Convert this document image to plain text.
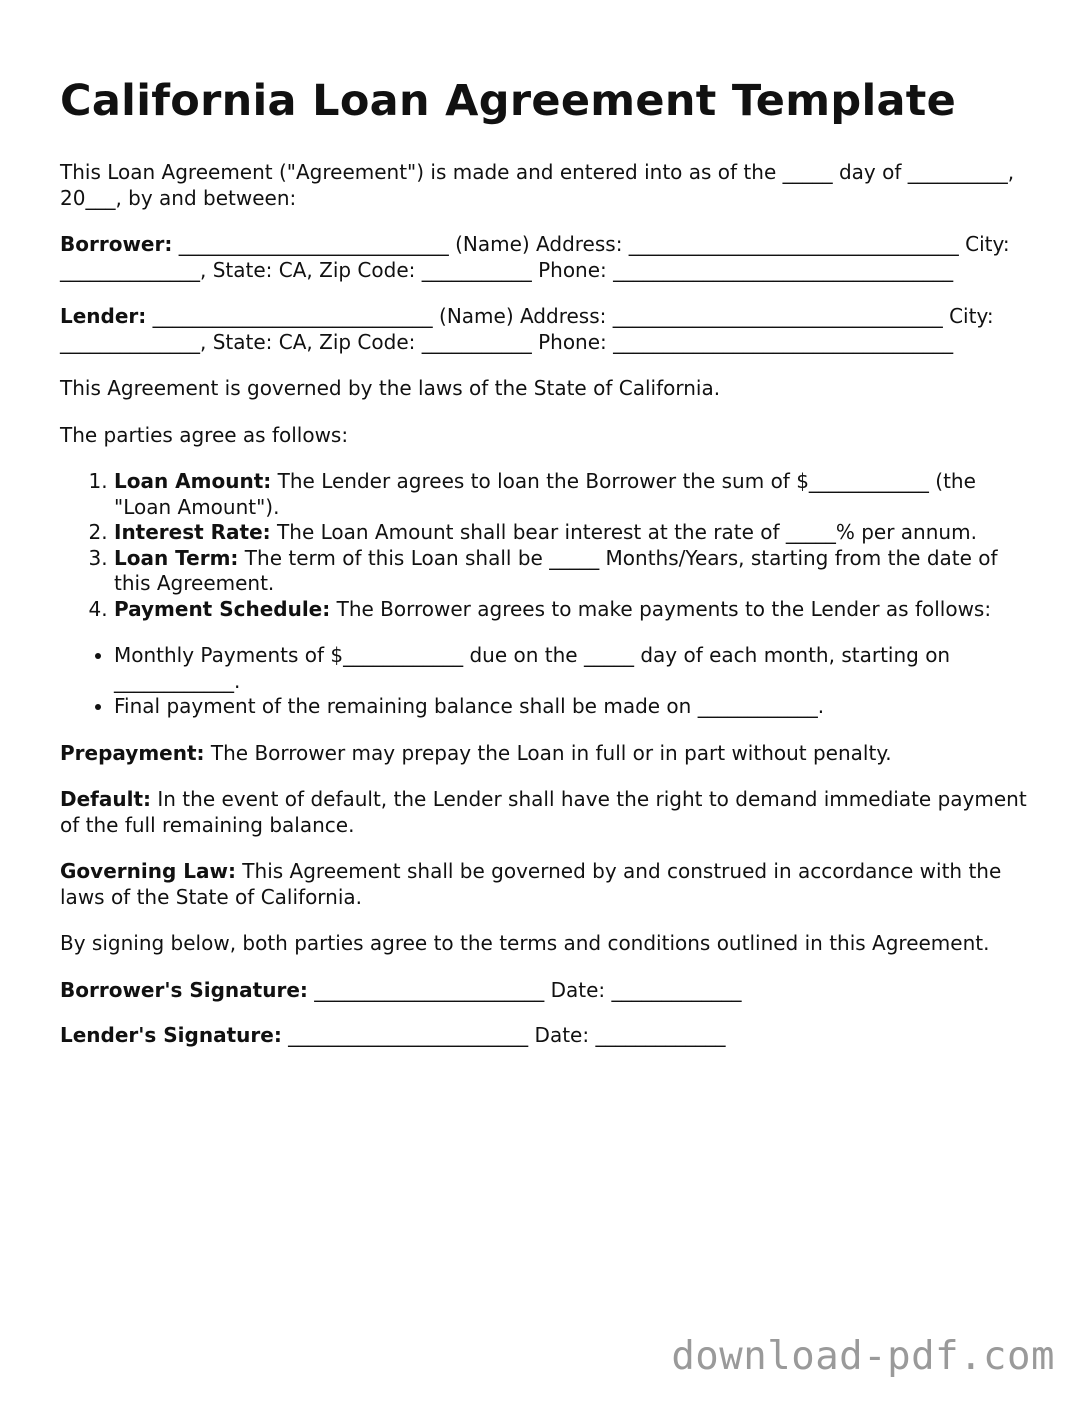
California Loan Agreement Template

This Loan Agreement ("Agreement") is made and entered into as of the _____ day of __________, 20___, by and between:

Borrower: ___________________________ (Name) Address: _________________________________ City: ______________, State: CA, Zip Code: ___________ Phone: __________________________________

Lender: ____________________________ (Name) Address: _________________________________ City: ______________, State: CA, Zip Code: ___________ Phone: __________________________________

This Agreement is governed by the laws of the State of California.

The parties agree as follows:

1. Loan Amount: The Lender agrees to loan the Borrower the sum of $____________ (the "Loan Amount").
2. Interest Rate: The Loan Amount shall bear interest at the rate of _____% per annum.
3. Loan Term: The term of this Loan shall be _____ Months/Years, starting from the date of this Agreement.
4. Payment Schedule: The Borrower agrees to make payments to the Lender as follows:
• Monthly Payments of $____________ due on the _____ day of each month, starting on ____________.
• Final payment of the remaining balance shall be made on ____________.

Prepayment: The Borrower may prepay the Loan in full or in part without penalty.

Default: In the event of default, the Lender shall have the right to demand immediate payment of the full remaining balance.

Governing Law: This Agreement shall be governed by and construed in accordance with the laws of the State of California.

By signing below, both parties agree to the terms and conditions outlined in this Agreement.

Borrower's Signature: _______________________ Date: _____________

Lender's Signature: ________________________ Date: _____________

download-pdf.com
